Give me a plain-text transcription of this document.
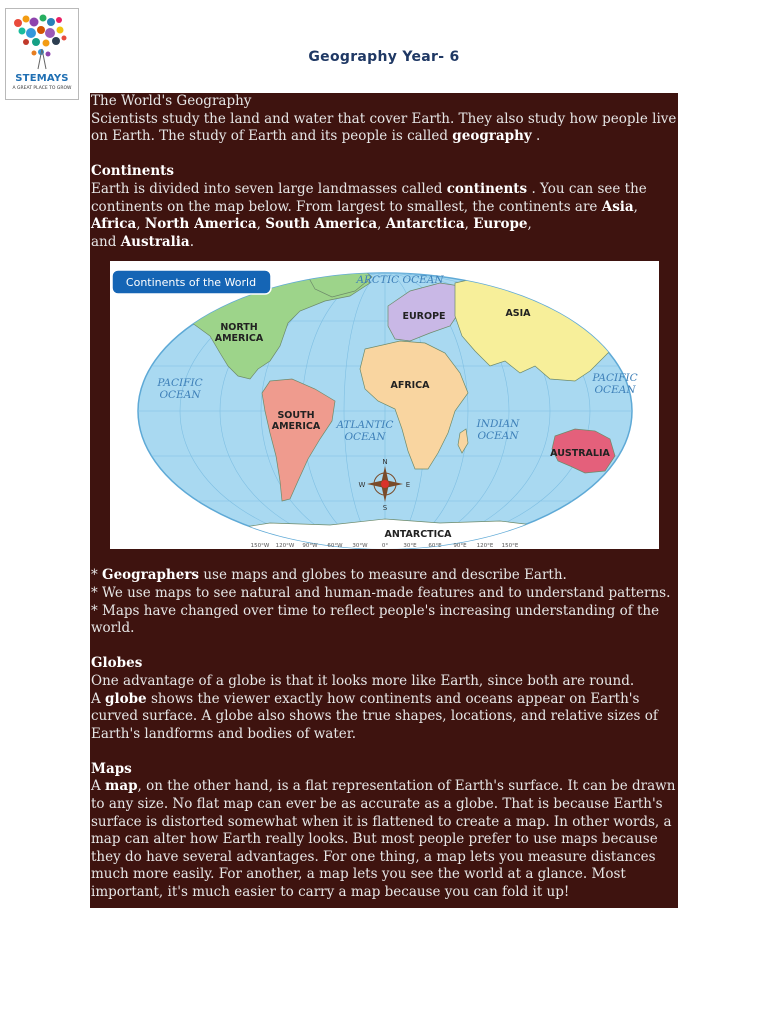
STEMAYS
A GREAT PLACE TO GROW
Geography Year- 6

The World's Geography

Scientists study the land and water that cover Earth. They also study how people live on Earth. The study of Earth and its people is called geography .

Continents

Earth is divided into seven large landmasses called continents . You can see the continents on the map below. From largest to smallest, the continents are Asia, Africa, North America, South America, Antarctica, Europe,
and Australia.

NORTH
AMERICA
SOUTH
AMERICA
EUROPE	ASIA
AFRICA
AUSTRALIA
ANTARCTICA
ARCTIC OCEAN
PACIFIC
OCEAN
ATLANTIC
OCEAN
INDIAN
OCEAN
PACIFIC
OCEAN
N
S
E
W
150°W 120°W 90°W 60°W 30°W	0°	30°E 60°E 90°E 120°E 150°E
Continents of the World

* Geographers use maps and globes to measure and describe Earth.

* We use maps to see natural and human-made features and to understand patterns.

* Maps have changed over time to reflect people's increasing understanding of the world.

Globes

One advantage of a globe is that it looks more like Earth, since both are round.

A globe shows the viewer exactly how continents and oceans appear on Earth's curved surface. A globe also shows the true shapes, locations, and relative sizes of Earth's landforms and bodies of water.

Maps

A map, on the other hand, is a flat representation of Earth's surface. It can be drawn to any size. No flat map can ever be as accurate as a globe. That is because Earth's surface is distorted somewhat when it is flattened to create a map. In other words, a map can alter how Earth really looks. But most people prefer to use maps because they do have several advantages. For one thing, a map lets you measure distances much more easily. For another, a map lets you see the world at a glance. Most important, it's much easier to carry a map because you can fold it up!
